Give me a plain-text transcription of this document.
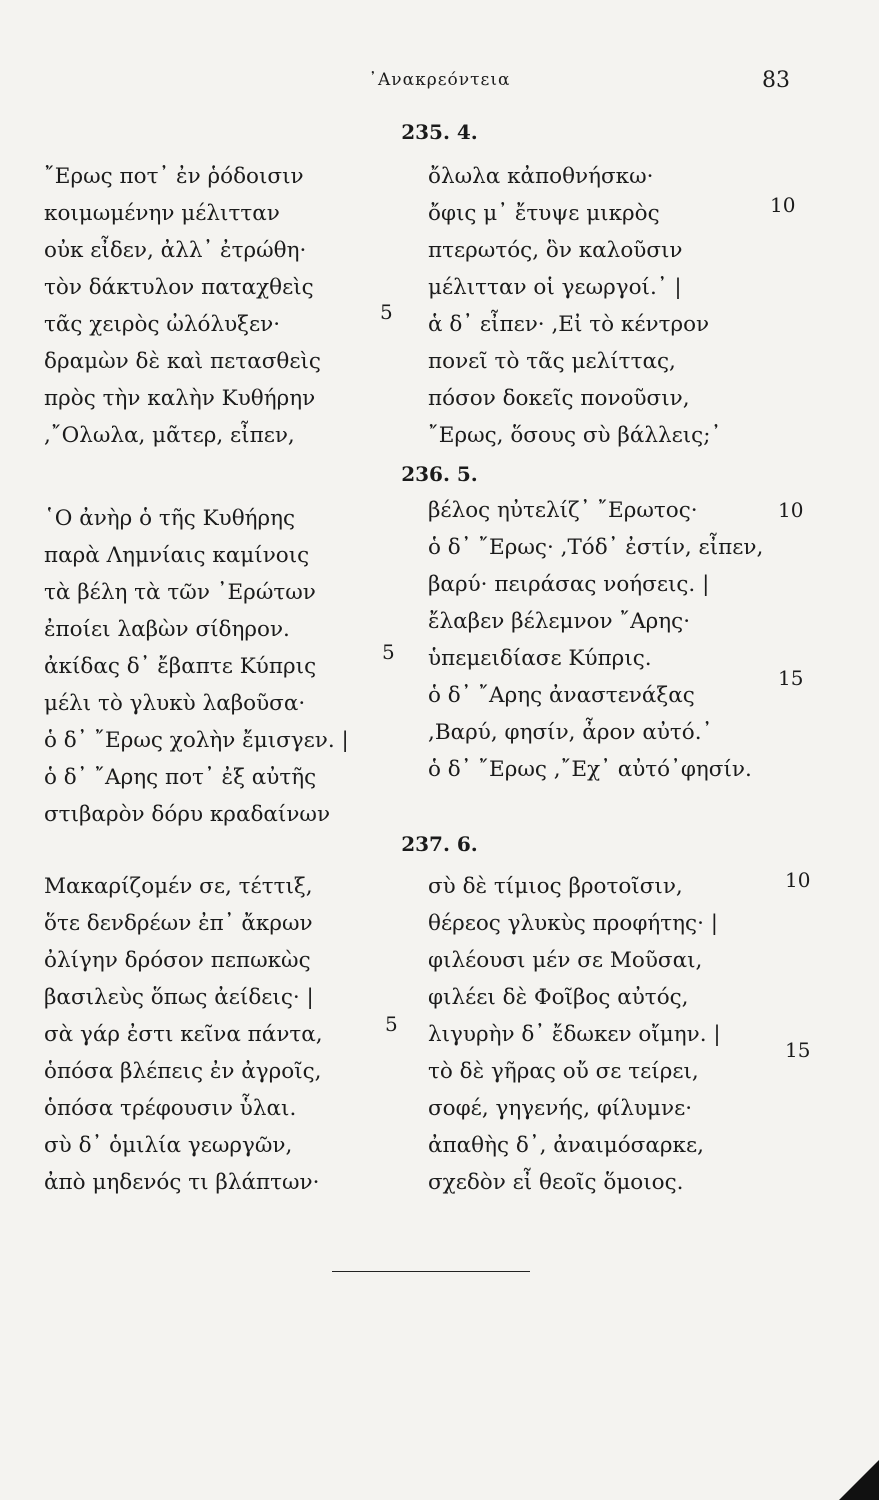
᾿Ανακρεόντεια	83
235. 4.
῎Ερως ποτ᾿ ἐν ῥόδοισιν
κοιμωμένην μέλιτταν
οὐκ εἶδεν, ἀλλ᾿ ἐτρώθη·
τὸν δάκτυλον παταχθεὶς
τᾶς χειρὸς ὠλόλυξεν·
δραμὼν δὲ καὶ πετασθεὶς
πρὸς τὴν καλὴν Κυθήρην
,῎Ολωλα, μᾶτερ, εἶπεν,
5
ὄλωλα κἀποθνήσκω·
ὄφις μ᾿ ἔτυψε μικρὸς
πτερωτός, ὃν καλοῦσιν
μέλιτταν οἱ γεωργοί.᾿ |
ἁ δ᾿ εἶπεν· ,Εἰ τὸ κέντρον
πονεῖ τὸ τᾶς μελίττας,
πόσον δοκεῖς πονοῦσιν,
῎Ερως, ὅσους σὺ βάλλεις;᾿
10
236. 5.
῾Ο ἀνὴρ ὁ τῆς Κυθήρης
παρὰ Λημνίαις καμίνοις
τὰ βέλη τὰ τῶν ᾿Ερώτων
ἐποίει λαβὼν σίδηρον.
ἀκίδας δ᾿ ἔβαπτε Κύπρις
μέλι τὸ γλυκὺ λαβοῦσα·
ὁ δ᾿ ῎Ερως χολὴν ἔμισγεν. |
ὁ δ᾿ ῎Αρης ποτ᾿ ἐξ αὐτῆς
στιβαρὸν δόρυ κραδαίνων
5
βέλος ηὐτελίζ᾿ ῎Ερωτος·
ὁ δ᾿ ῎Ερως· ,Τόδ᾿ ἐστίν, εἶπεν,
βαρύ· πειράσας νοήσεις. |
ἔλαβεν βέλεμνον ῎Αρης·
ὑπεμειδίασε Κύπρις.
ὁ δ᾿ ῎Αρης ἀναστενάξας
,Βαρύ, φησίν, ἆρον αὐτό.᾿
ὁ δ᾿ ῎Ερως ,῎Εχ᾿ αὐτό᾿φησίν.
10
15
237. 6.
Μακαρίζομέν σε, τέττιξ,
ὅτε δενδρέων ἐπ᾿ ἄκρων
ὀλίγην δρόσον πεπωκὼς
βασιλεὺς ὅπως ἀείδεις· |
σὰ γάρ ἐστι κεῖνα πάντα,
ὁπόσα βλέπεις ἐν ἀγροῖς,
ὁπόσα τρέφουσιν ὗλαι.
σὺ δ᾿ ὁμιλία γεωργῶν,
ἀπὸ μηδενός τι βλάπτων·
5
σὺ δὲ τίμιος βροτοῖσιν,
θέρεος γλυκὺς προφήτης· |
φιλέουσι μέν σε Μοῦσαι,
φιλέει δὲ Φοῖβος αὐτός,
λιγυρὴν δ᾿ ἔδωκεν οἴμην. |
τὸ δὲ γῆρας οὔ σε τείρει,
σοφέ, γηγενής, φίλυμνε·
ἀπαθὴς δ᾿, ἀναιμόσαρκε,
σχεδὸν εἶ θεοῖς ὅμοιος.
10
15
